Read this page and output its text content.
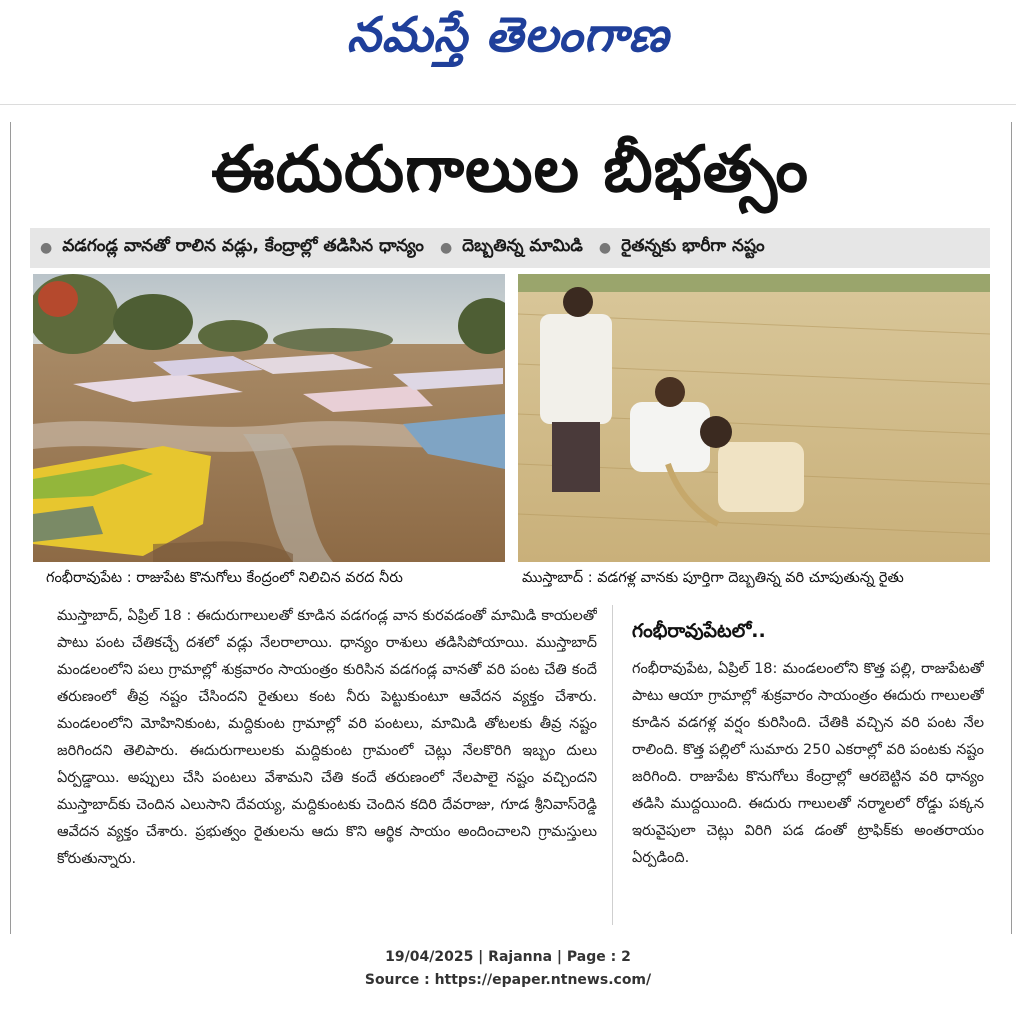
నమస్తే తెలంగాణ
ఈదురుగాలుల బీభత్సం
● వడగండ్ల వానతో రాలిన వడ్లు, కేంద్రాల్లో తడిసిన ధాన్యం ● దెబ్బతిన్న మామిడి ● రైతన్నకు భారీగా నష్టం
గంభీరావుపేట : రాజుపేట కొనుగోలు కేంద్రంలో నిలిచిన వరద నీరు	ముస్తాబాద్ : వడగళ్ల వానకు పూర్తిగా దెబ్బతిన్న వరి చూపుతున్న రైతు
ముస్తాబాద్, ఏప్రిల్ 18 : ఈదురుగాలులతో కూడిన వడగండ్ల వాన కురవడంతో మామిడి కాయలతో పాటు పంట చేతికచ్చే దశలో వడ్లు నేలరాలాయి. ధాన్యం రాశులు తడిసిపోయాయి. ముస్తాబాద్ మండలంలోని పలు గ్రామాల్లో శుక్రవారం సాయంత్రం కురిసిన వడగండ్ల వానతో వరి పంట చేతి కందే తరుణంలో తీవ్ర నష్టం చేసిందని రైతులు కంట నీరు పెట్టుకుంటూ ఆవేదన వ్యక్తం చేశారు. మండలంలోని మోహినికుంట, మద్దికుంట గ్రామాల్లో వరి పంటలు, మామిడి తోటలకు తీవ్ర నష్టం జరిగిందని తెలిపారు. ఈదురుగాలులకు మద్దికుంట గ్రామంలో చెట్లు నేలకొరిగి ఇబ్బం దులు ఏర్పడ్డాయి. అప్పులు చేసి పంటలు వేశామని చేతి కందే తరుణంలో నేలపాలై నష్టం వచ్చిందని ముస్తాబాద్‌కు చెందిన ఎలుసాని దేవయ్య, మద్దికుంటకు చెందిన కదిరి దేవరాజు, గూడ శ్రీనివాస్‌రెడ్డి ఆవేదన వ్యక్తం చేశారు. ప్రభుత్వం రైతులను ఆదు కొని ఆర్థిక సాయం అందించాలని గ్రామస్తులు కోరుతున్నారు.
గంభీరావుపేటలో..
గంభీరావుపేట, ఏప్రిల్ 18: మండలంలోని కొత్త పల్లి, రాజుపేటతో పాటు ఆయా గ్రామాల్లో శుక్రవారం సాయంత్రం ఈదురు గాలులతో కూడిన వడగళ్ల వర్షం కురిసింది. చేతికి వచ్చిన వరి పంట నేల రాలింది. కొత్త పల్లిలో సుమారు 250 ఎకరాల్లో వరి పంటకు నష్టం జరిగింది. రాజుపేట కొనుగోలు కేంద్రాల్లో ఆరబెట్టిన వరి ధాన్యం తడిసి ముద్దయింది. ఈదురు గాలులతో నర్మాలలో రోడ్డు పక్కన ఇరువైపులా చెట్లు విరిగి పడ డంతో ట్రాఫిక్‌కు అంతరాయం ఏర్పడింది.
19/04/2025 | Rajanna | Page : 2
Source : https://epaper.ntnews.com/
